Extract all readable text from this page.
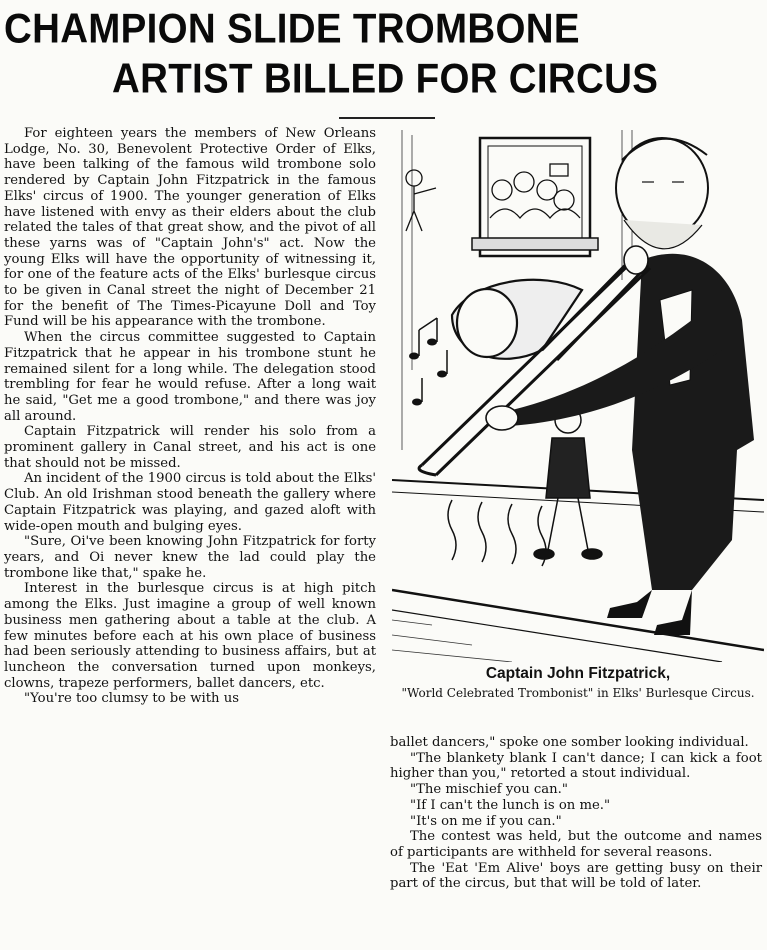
CHAMPION SLIDE TROMBONE
ARTIST BILLED FOR CIRCUS

For eighteen years the members of New Orleans Lodge, No. 30, Benevolent Protective Order of Elks, have been talking of the famous wild trombone solo rendered by Captain John Fitzpatrick in the famous Elks' circus of 1900. The younger generation of Elks have listened with envy as their elders about the club related the tales of that great show, and the pivot of all these yarns was of "Captain John's" act. Now the young Elks will have the opportunity of witnessing it, for one of the feature acts of the Elks' burlesque circus to be given in Canal street the night of December 21 for the benefit of The Times-Picayune Doll and Toy Fund will be his appearance with the trombone.

When the circus committee suggested to Captain Fitzpatrick that he appear in his trombone stunt he remained silent for a long while. The delegation stood trembling for fear he would refuse. After a long wait he said, "Get me a good trombone," and there was joy all around.

Captain Fitzpatrick will render his solo from a prominent gallery in Canal street, and his act is one that should not be missed.

An incident of the 1900 circus is told about the Elks' Club. An old Irishman stood beneath the gallery where Captain Fitzpatrick was playing, and gazed aloft with wide-open mouth and bulging eyes.

"Sure, Oi've been knowing John Fitzpatrick for forty years, and Oi never knew the lad could play the trombone like that," spake he.

Interest in the burlesque circus is at high pitch among the Elks. Just imagine a group of well known business men gathering about a table at the club. A few minutes before each at his own place of business had been seriously attending to business affairs, but at luncheon the conversation turned upon monkeys, clowns, trapeze performers, ballet dancers, etc.

"You're too clumsy to be with us

Captain John Fitzpatrick,
"World Celebrated Trombonist" in Elks' Burlesque Circus.

ballet dancers," spoke one somber looking individual.

"The blankety blank I can't dance; I can kick a foot higher than you," retorted a stout individual.

"The mischief you can."

"If I can't the lunch is on me."

"It's on me if you can."

The contest was held, but the outcome and names of participants are withheld for several reasons.

The 'Eat 'Em Alive' boys are getting busy on their part of the circus, but that will be told of later.
